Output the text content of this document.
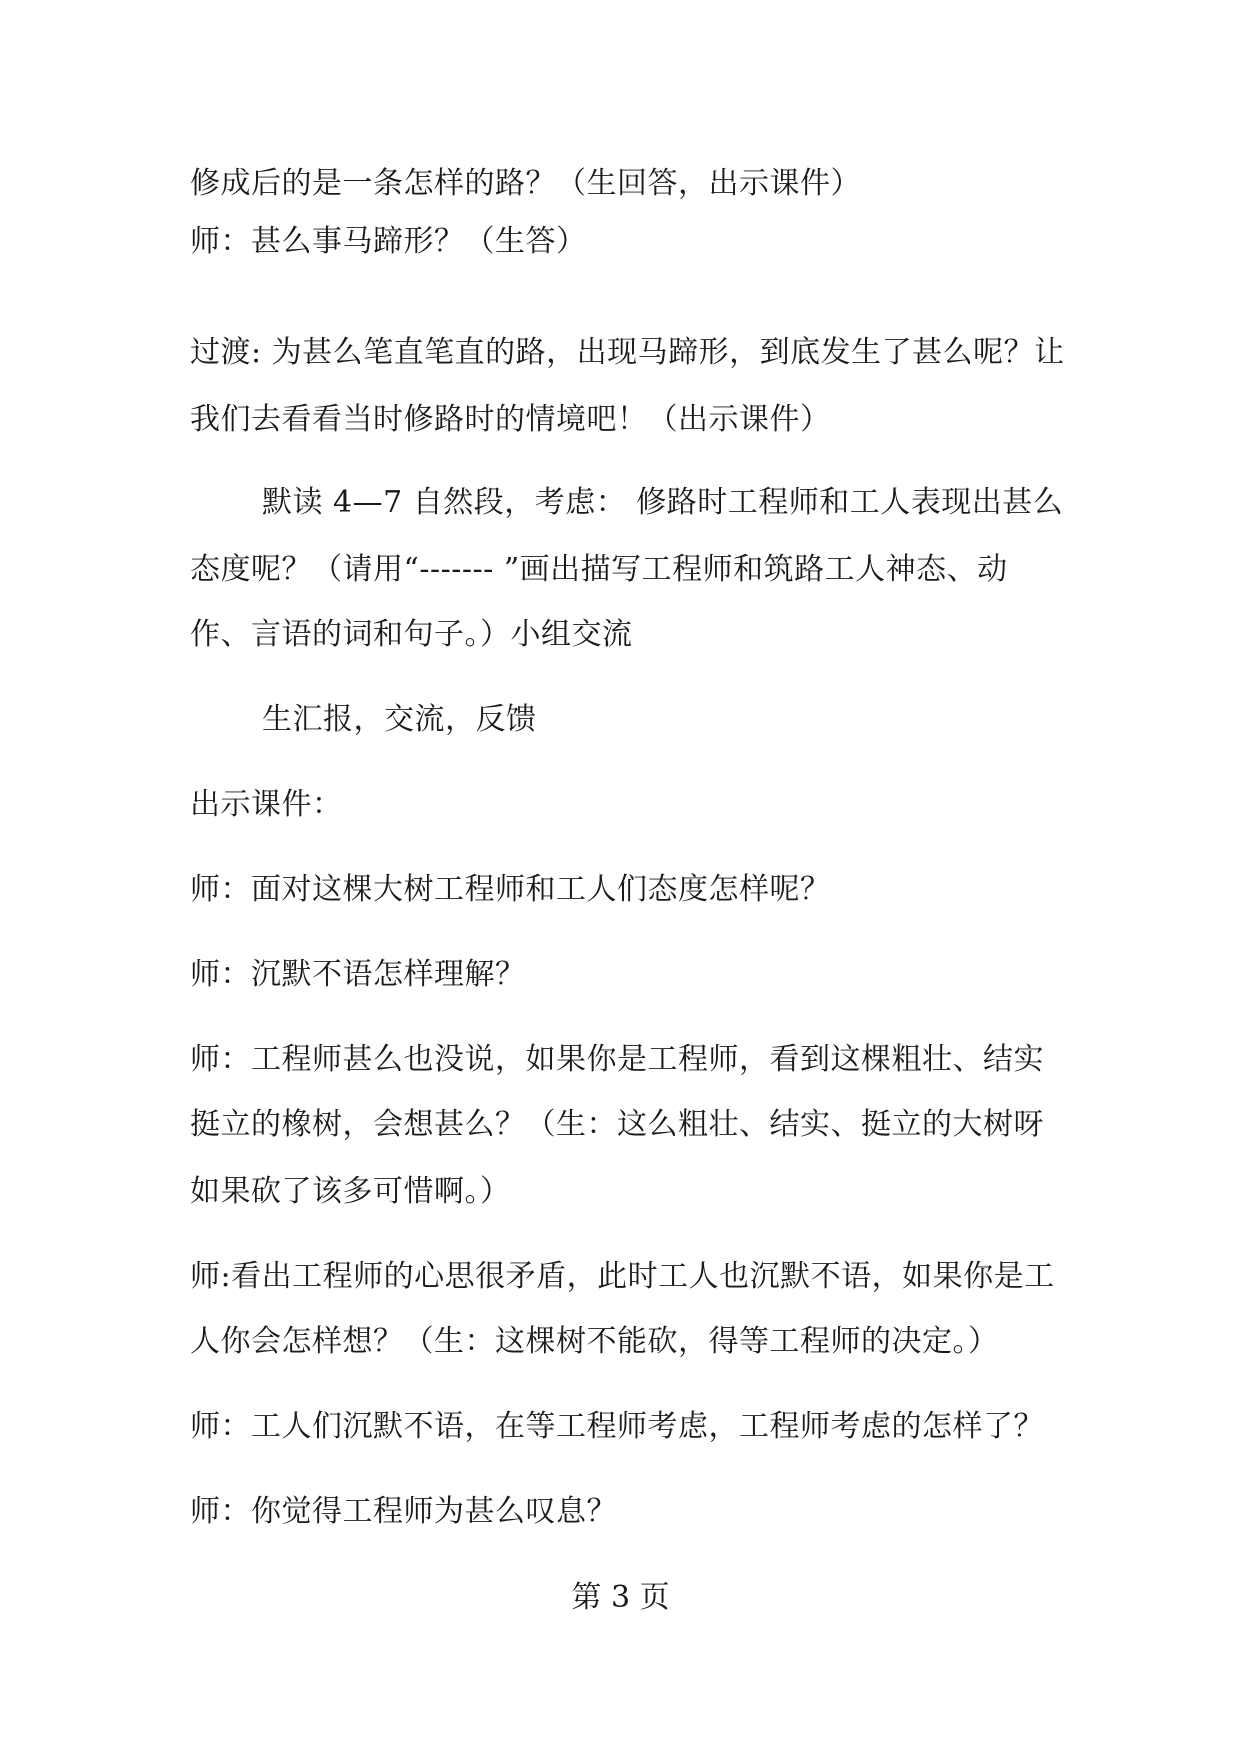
修成后的是一条怎样的路？（生回答，出示课件）
师：甚么事马蹄形？（生答）
过渡: 为甚么笔直笔直的路，出现马蹄形，到底发生了甚么呢？让
我们去看看当时修路时的情境吧！（出示课件）
默读 4—7 自然段，考虑： 修路时工程师和工人表现出甚么
态度呢？（请用“------- ”画出描写工程师和筑路工人神态、动
作、言语的词和句子。）小组交流
生汇报，交流，反馈
出示课件：
师：面对这棵大树工程师和工人们态度怎样呢？
师：沉默不语怎样理解？
师：工程师甚么也没说，如果你是工程师，看到这棵粗壮、结实
挺立的橡树，会想甚么？（生：这么粗壮、结实、挺立的大树呀
如果砍了该多可惜啊。）
师:看出工程师的心思很矛盾，此时工人也沉默不语，如果你是工
人你会怎样想？（生：这棵树不能砍，得等工程师的决定。）
师：工人们沉默不语，在等工程师考虑，工程师考虑的怎样了？
师：你觉得工程师为甚么叹息？
第 3 页
